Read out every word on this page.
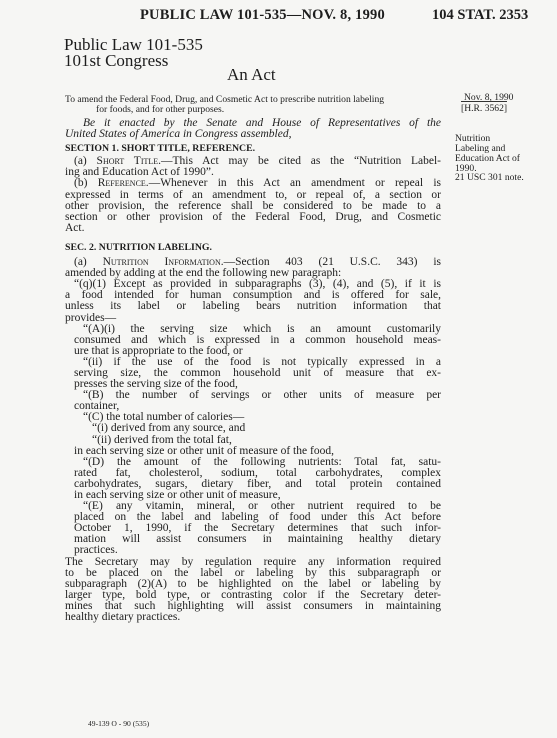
PUBLIC LAW 101-535—NOV. 8, 1990	104 STAT. 2353
Public Law 101-535
101st Congress
An Act
To amend the Federal Food, Drug, and Cosmetic Act to prescribe nutrition labeling
for foods, and for other purposes.
Nov. 8, 1990
[H.R. 3562]
Nutrition
Labeling and
Education Act of
1990.
21 USC 301 note.
Be it enacted by the Senate and House of Representatives of the
United States of America in Congress assembled,
SECTION 1. SHORT TITLE, REFERENCE.
(a) Short Title.—This Act may be cited as the “Nutrition Label-
ing and Education Act of 1990”.
(b) Reference.—Whenever in this Act an amendment or repeal is
expressed in terms of an amendment to, or repeal of, a section or
other provision, the reference shall be considered to be made to a
section or other provision of the Federal Food, Drug, and Cosmetic
Act.
SEC. 2. NUTRITION LABELING.
(a) Nutrition Information.—Section 403 (21 U.S.C. 343) is
amended by adding at the end the following new paragraph:
“(q)(1) Except as provided in subparagraphs (3), (4), and (5), if it is
a food intended for human consumption and is offered for sale,
unless its label or labeling bears nutrition information that
provides—
“(A)(i) the serving size which is an amount customarily
consumed and which is expressed in a common household meas-
ure that is appropriate to the food, or
“(ii) if the use of the food is not typically expressed in a
serving size, the common household unit of measure that ex-
presses the serving size of the food,
“(B) the number of servings or other units of measure per
container,
“(C) the total number of calories—
“(i) derived from any source, and
“(ii) derived from the total fat,
in each serving size or other unit of measure of the food,
“(D) the amount of the following nutrients: Total fat, satu-
rated fat, cholesterol, sodium, total carbohydrates, complex
carbohydrates, sugars, dietary fiber, and total protein contained
in each serving size or other unit of measure,
“(E) any vitamin, mineral, or other nutrient required to be
placed on the label and labeling of food under this Act before
October 1, 1990, if the Secretary determines that such infor-
mation will assist consumers in maintaining healthy dietary
practices.
The Secretary may by regulation require any information required
to be placed on the label or labeling by this subparagraph or
subparagraph (2)(A) to be highlighted on the label or labeling by
larger type, bold type, or contrasting color if the Secretary deter-
mines that such highlighting will assist consumers in maintaining
healthy dietary practices.
49-139 O - 90 (535)
